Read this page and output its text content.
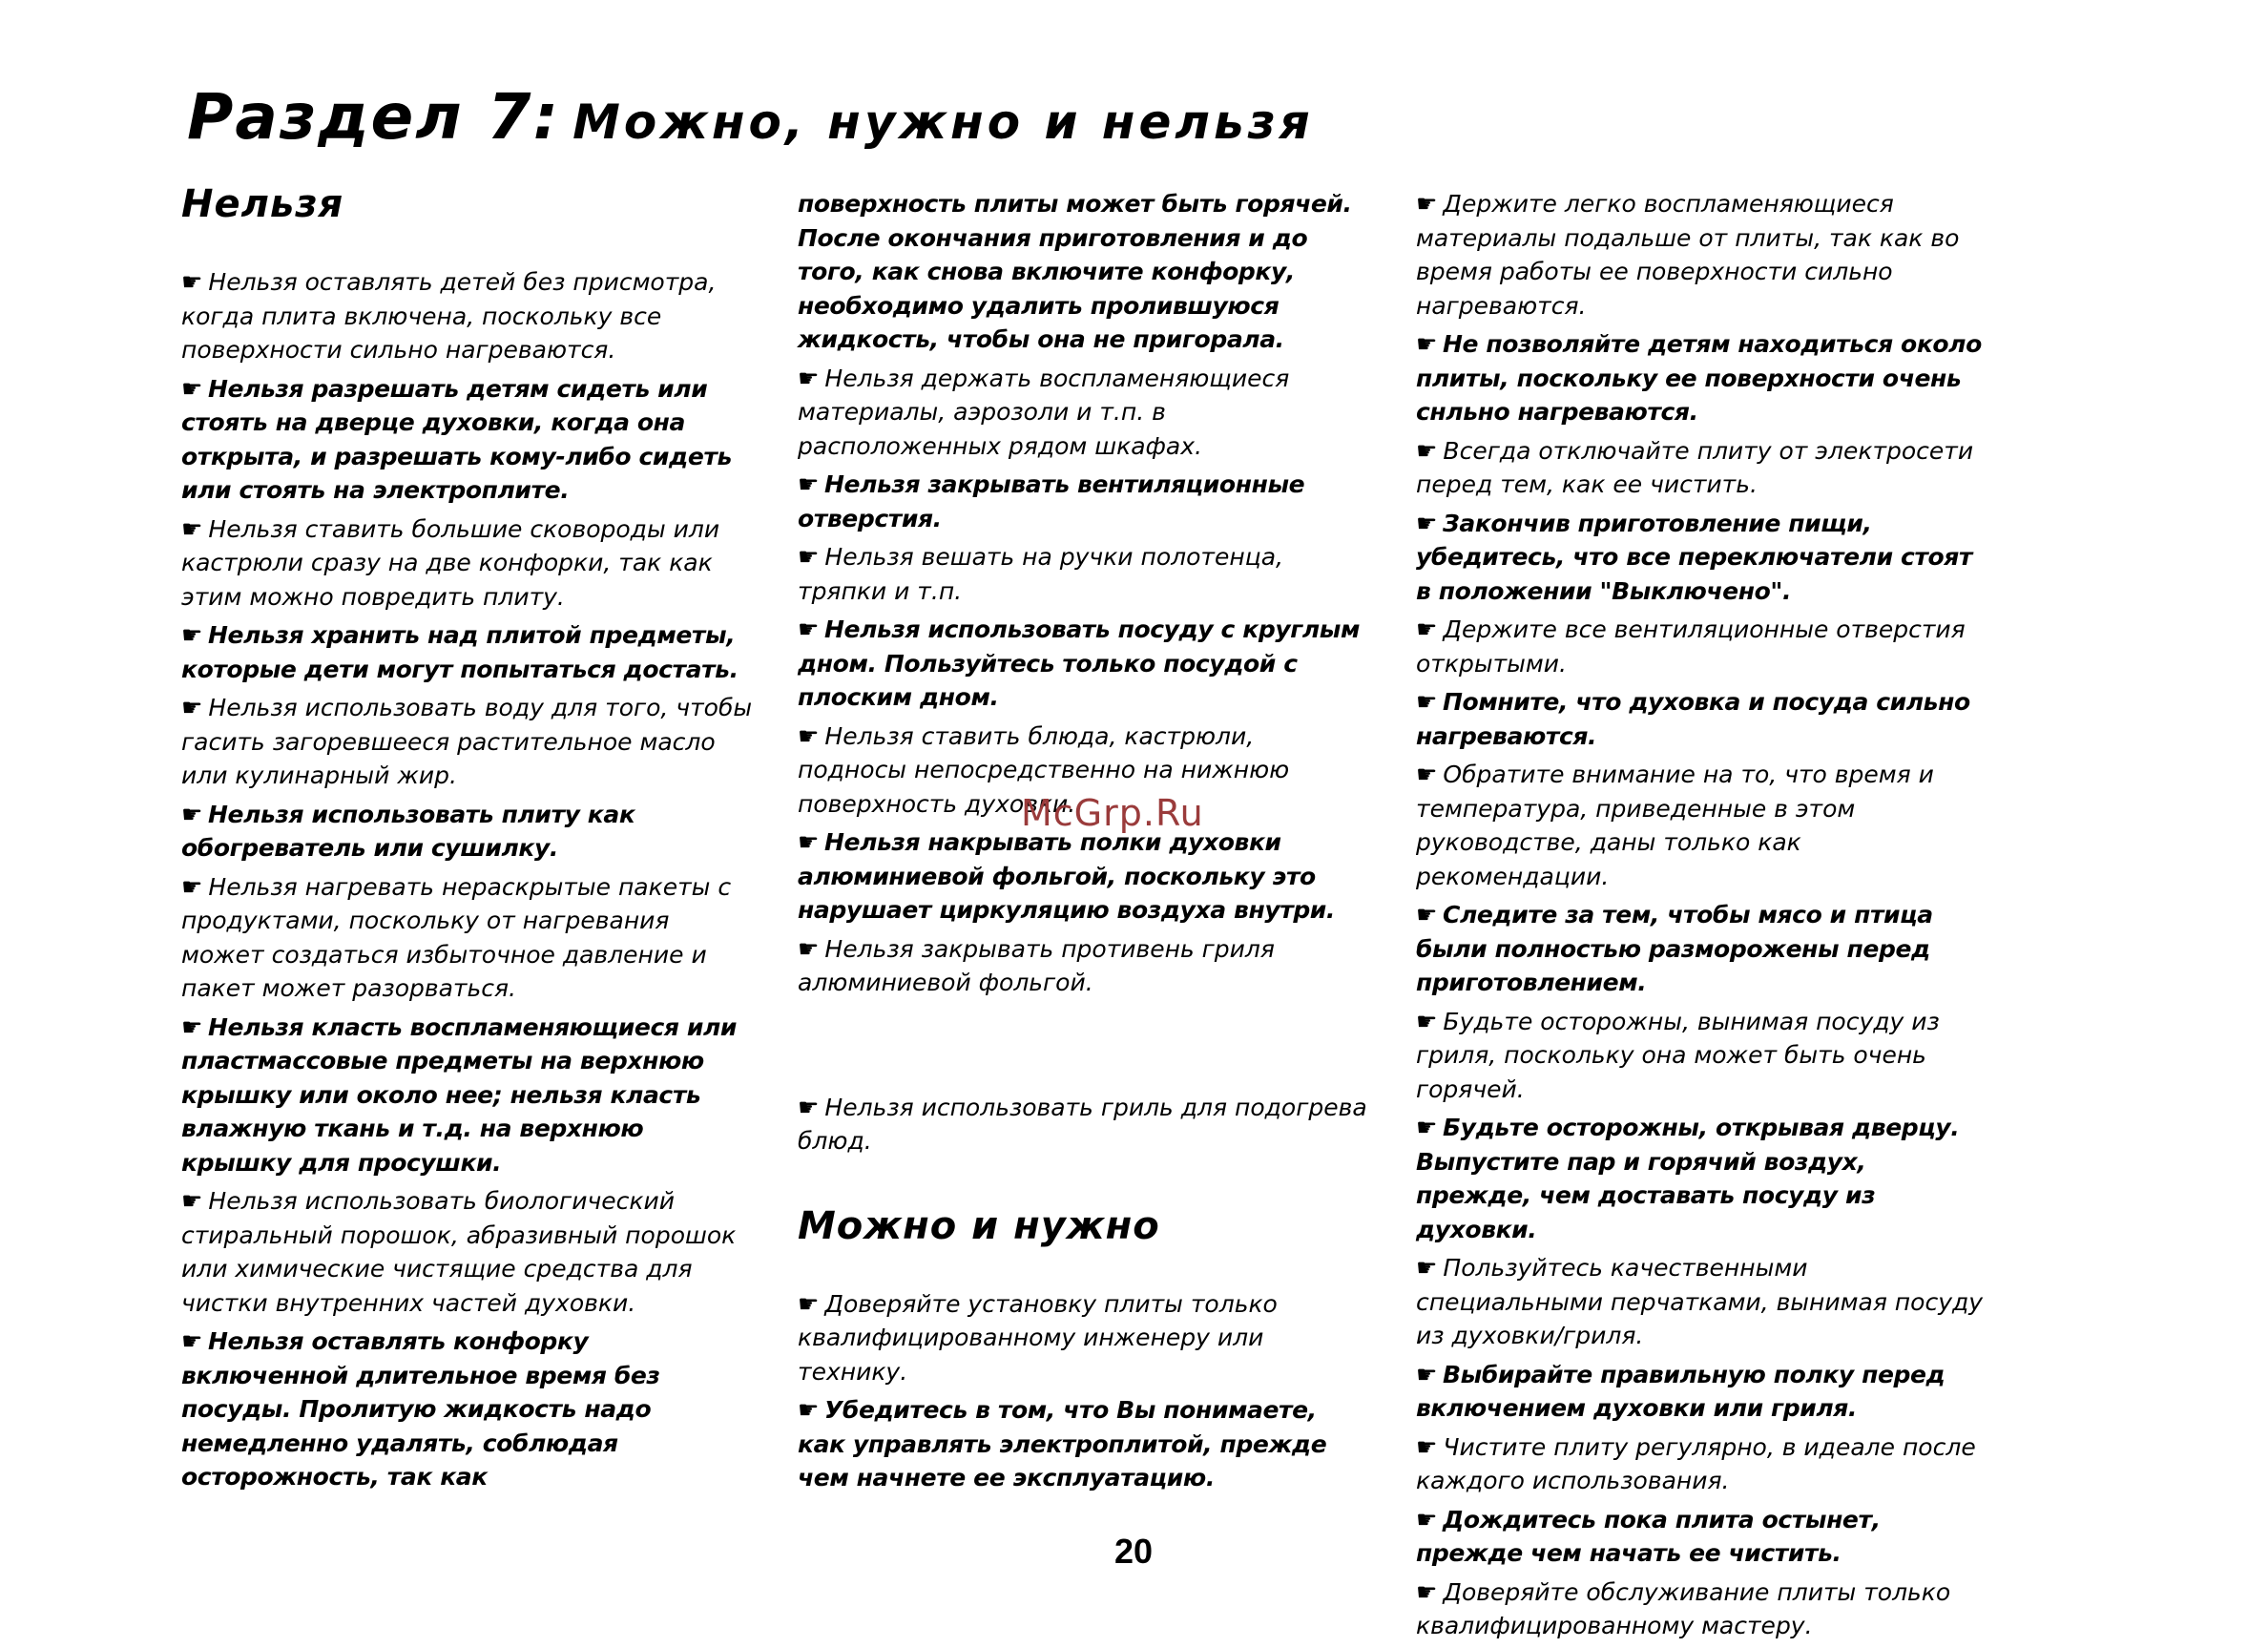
Раздел 7: Можно, нужно и нельзя
Нельзя

☛ Нельзя оставлять детей без присмотра, когда плита включена, поскольку все поверхности сильно нагреваются.

☛ Нельзя разрешать детям сидеть или стоять на дверце духовки, когда она открыта, и разрешать кому-либо сидеть или стоять на электроплите.

☛ Нельзя ставить большие сковороды или кастрюли сразу на две конфорки, так как этим можно повредить плиту.

☛ Нельзя хранить над плитой предметы, которые дети могут попытаться достать.

☛ Нельзя использовать воду для того, чтобы гасить загоревшееся растительное масло или кулинарный жир.

☛ Нельзя использовать плиту как обогреватель или сушилку.

☛ Нельзя нагревать нераскрытые пакеты с продуктами, поскольку от нагревания может создаться избыточное давление и пакет может разорваться.

☛ Нельзя класть воспламеняющиеся или пластмассовые предметы на верхнюю крышку или около нее; нельзя класть влажную ткань и т.д. на верхнюю крышку для просушки.

☛ Нельзя использовать биологический стиральный порошок, абразивный порошок или химические чистящие средства для чистки внутренних частей духовки.

☛ Нельзя оставлять конфорку включенной длительное время без посуды. Пролитую жидкость надо немедленно удалять, соблюдая осторожность, так как

поверхность плиты может быть горячей. После окончания приготовления и до того, как снова включите конфорку, необходимо удалить пролившуюся жидкость, чтобы она не пригорала.

☛ Нельзя держать воспламеняющиеся материалы, аэрозоли и т.п. в расположенных рядом шкафах.

☛ Нельзя закрывать вентиляционные отверстия.

☛ Нельзя вешать на ручки полотенца, тряпки и т.п.

☛ Нельзя использовать посуду с круглым дном. Пользуйтесь только посудой с плоским дном.

☛ Нельзя ставить блюда, кастрюли, подносы непосредственно на нижнюю поверхность духовки.

☛ Нельзя накрывать полки духовки алюминиевой фольгой, поскольку это нарушает циркуляцию воздуха внутри.

☛ Нельзя закрывать противень гриля алюминиевой фольгой.

☛ Нельзя использовать гриль для подогрева блюд.

Можно и нужно

☛ Доверяйте установку плиты только квалифицированному инженеру или технику.

☛ Убедитесь в том, что Вы понимаете, как управлять электроплитой, прежде чем начнете ее эксплуатацию.

☛ Держите легко воспламеняющиеся материалы подальше от плиты, так как во время работы ее поверхности сильно нагреваются.

☛ Не позволяйте детям находиться около плиты, поскольку ее поверхности очень снльно нагреваются.

☛ Всегда отключайте плиту от электросети перед тем, как ее чистить.

☛ Закончив приготовление пищи, убедитесь, что все переключатели стоят в положении "Выключено".

☛ Держите все вентиляционные отверстия открытыми.

☛ Помните, что духовка и посуда сильно нагреваются.

☛ Обратите внимание на то, что время и температура, приведенные в этом руководстве, даны только как рекомендации.

☛ Следите за тем, чтобы мясо и птица были полностью разморожены перед приготовлением.

☛ Будьте осторожны, вынимая посуду из гриля, поскольку она может быть очень горячей.

☛ Будьте осторожны, открывая дверцу. Выпустите пар и горячий воздух, прежде, чем доставать посуду из духовки.

☛ Пользуйтесь качественными специальными перчатками, вынимая посуду из духовки/гриля.

☛ Выбирайте правильную полку перед включением духовки или гриля.

☛ Чистите плиту регулярно, в идеале после каждого использования.

☛ Дождитесь пока плита остынет, прежде чем начать ее чистить.

☛ Доверяйте обслуживание плиты только квалифицированному мастеру.

McGrp.Ru
20
